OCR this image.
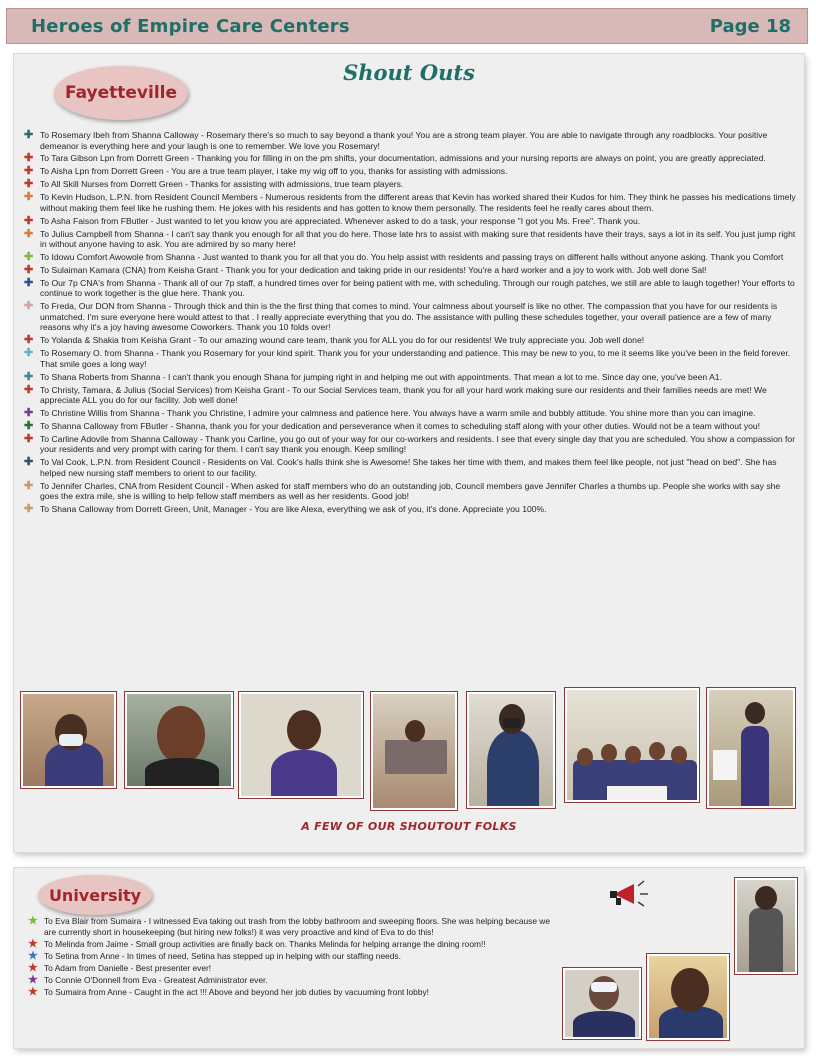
Heroes of Empire Care Centers	Page 18
Fayetteville
Shout Outs
✚ To Rosemary Ibeh from Shanna Calloway - Rosemary there's so much to say beyond a thank you! You are a strong team player. You are able to navigate through any roadblocks. Your positive demeanor is everything here and your laugh is one to remember. We love you Rosemary!
✚ To Tara Gibson Lpn from Dorrett Green - Thanking you for filling in on the pm shifts, your documentation, admissions and your nursing reports are always on point, you are greatly appreciated.
✚ To Aisha Lpn from Dorrett Green - You are a true team player, i take my wig off to you, thanks for assisting with admissions.
✚ To All Skill Nurses from Dorrett Green - Thanks for assisting with admissions, true team players.
✚ To Kevin Hudson, L.P.N. from Resident Council Members - Numerous residents from the different areas that Kevin has worked shared their Kudos for him. They think he passes his medications timely without making them feel like he rushing them. He jokes with his residents and has gotten to know them personally. The residents feel he really cares about them.
✚ To Asha Faison from FButler - Just wanted to let you know you are appreciated. Whenever asked to do a task, your response "I got you Ms. Free". Thank you.
✚ To Julius Campbell from Shanna - I can't say thank you enough for all that you do here. Those late hrs to assist with making sure that residents have their trays, says a lot in its self. You just jump right in without anyone having to ask. You are admired by so many here!
✚ To Idowu Comfort Awowole from Shanna - Just wanted to thank you for all that you do. You help assist with residents and passing trays on different halls without anyone asking. Thank you Comfort
✚ To Sulaiman Kamara (CNA) from Keisha Grant - Thank you for your dedication and taking pride in our residents! You're a hard worker and a joy to work with. Job well done Sal!
✚ To Our 7p CNA's from Shanna - Thank all of our 7p staff, a hundred times over for being patient with me, with scheduling. Through our rough patches, we still are able to laugh together! Your efforts to continue to work together is the glue here. Thank you.
✚ To Freda, Our DON from Shanna - Through thick and thin is the the first thing that comes to mind. Your calmness about yourself is like no other. The compassion that you have for our residents is unmatched. I'm sure everyone here would attest to that . I really appreciate everything that you do. The assistance with pulling these schedules together, your overall patience are a few of many reasons why it's a joy having awesome Coworkers. Thank you 10 folds over!
✚ To Yolanda & Shakia from Keisha Grant - To our amazing wound care team, thank you for ALL you do for our residents! We truly appreciate you. Job well done!
✚ To Rosemary O. from Shanna - Thank you Rosemary for your kind spirit. Thank you for your understanding and patience. This may be new to you, to me it seems like you've been in the field forever. That smile goes a long way!
✚ To Shana Roberts from Shanna - I can't thank you enough Shana for jumping right in and helping me out with appointments. That mean a lot to me. Since day one, you've been A1.
✚ To Christy, Tamara, & Julius (Social Services) from Keisha Grant - To our Social Services team, thank you for all your hard work making sure our residents and their families needs are met! We appreciate ALL you do for our facility. Job well done!
✚ To Christine Willis from Shanna - Thank you Christine, I admire your calmness and patience here. You always have a warm smile and bubbly attitude. You shine more than you can imagine.
✚ To Shanna Calloway from FButler - Shanna, thank you for your dedication and perseverance when it comes to scheduling staff along with your other duties. Would not be a team without you!
✚ To Carline Adovile from Shanna Calloway - Thank you Carline, you go out of your way for our co-workers and residents. I see that every single day that you are scheduled. You show a compassion for your residents and very prompt with caring for them. I can't say thank you enough. Keep smiling!
✚ To Val Cook, L.P.N. from Resident Council - Residents on Val. Cook's halls think she is Awesome! She takes her time with them, and makes them feel like people, not just "head on bed". She has helped new nursing staff members to orient to our facility.
✚ To Jennifer Charles, CNA from Resident Council - When asked for staff members who do an outstanding job, Council members gave Jennifer Charles a thumbs up. People she works with say she goes the extra mile, she is willing to help fellow staff members as well as her residents. Good job!
✚ To Shana Calloway from Dorrett Green, Unit, Manager - You are like Alexa, everything we ask of you, it's done. Appreciate you 100%.
A FEW OF OUR SHOUTOUT FOLKS
University
★ To Eva Blair from Sumaira - I witnessed Eva taking out trash from the lobby bathroom and sweeping floors. She was helping because we are currently short in housekeeping (but hiring new folks!) it was very proactive and kind of Eva to do this!
★ To Melinda from Jaime - Small group activities are finally back on. Thanks Melinda for helping arrange the dining room!!
★ To Setina from Anne - In times of need, Setina has stepped up in helping with our staffing needs.
★ To Adam from Danielle - Best presenter ever!
★ To Connie O'Donnell from Eva - Greatest Administrator ever.
★ To Sumaira from Anne - Caught in the act !!! Above and beyond her job duties by vacuuming front lobby!
